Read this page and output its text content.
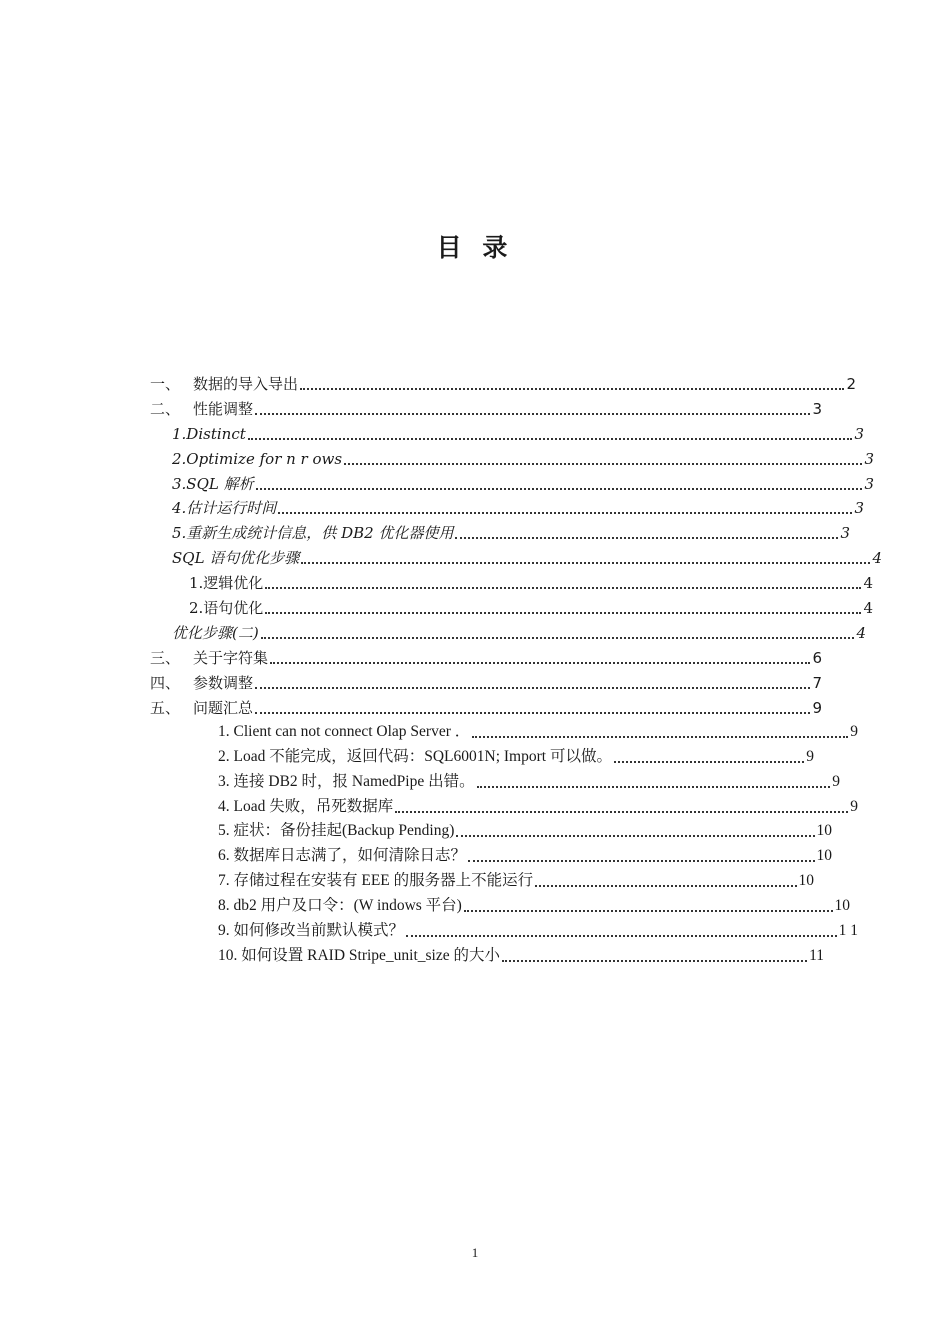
目 录
一、 数据的导入导出	2
二、 性能调整	3
1.Distinct	3
2.Optimize for n r ows	3
3.SQL 解析	3
4.估计运行时间	3
5.重新生成统计信息，供 DB2 优化器使用	3
SQL 语句优化步骤	4
1.逻辑优化	4
2.语句优化	4
优化步骤(二)	4
三、 关于字符集	6
四、 参数调整	7
五、 问题汇总	9
1. Client can not connect Olap Server ．	9
2. Load 不能完成，返回代码：SQL6001N; Import 可以做。	9
3. 连接 DB2 时，报 NamedPipe 出错。	9
4. Load 失败，吊死数据库	9
5. 症状：备份挂起(Backup Pending)	10
6. 数据库日志满了，如何清除日志？	10
7. 存储过程在安装有 EEE 的服务器上不能运行	10
8. db2 用户及口令：(W indows 平台)	10
9. 如何修改当前默认模式？	1 1
10. 如何设置 RAID Stripe_unit_size 的大小	11
1
